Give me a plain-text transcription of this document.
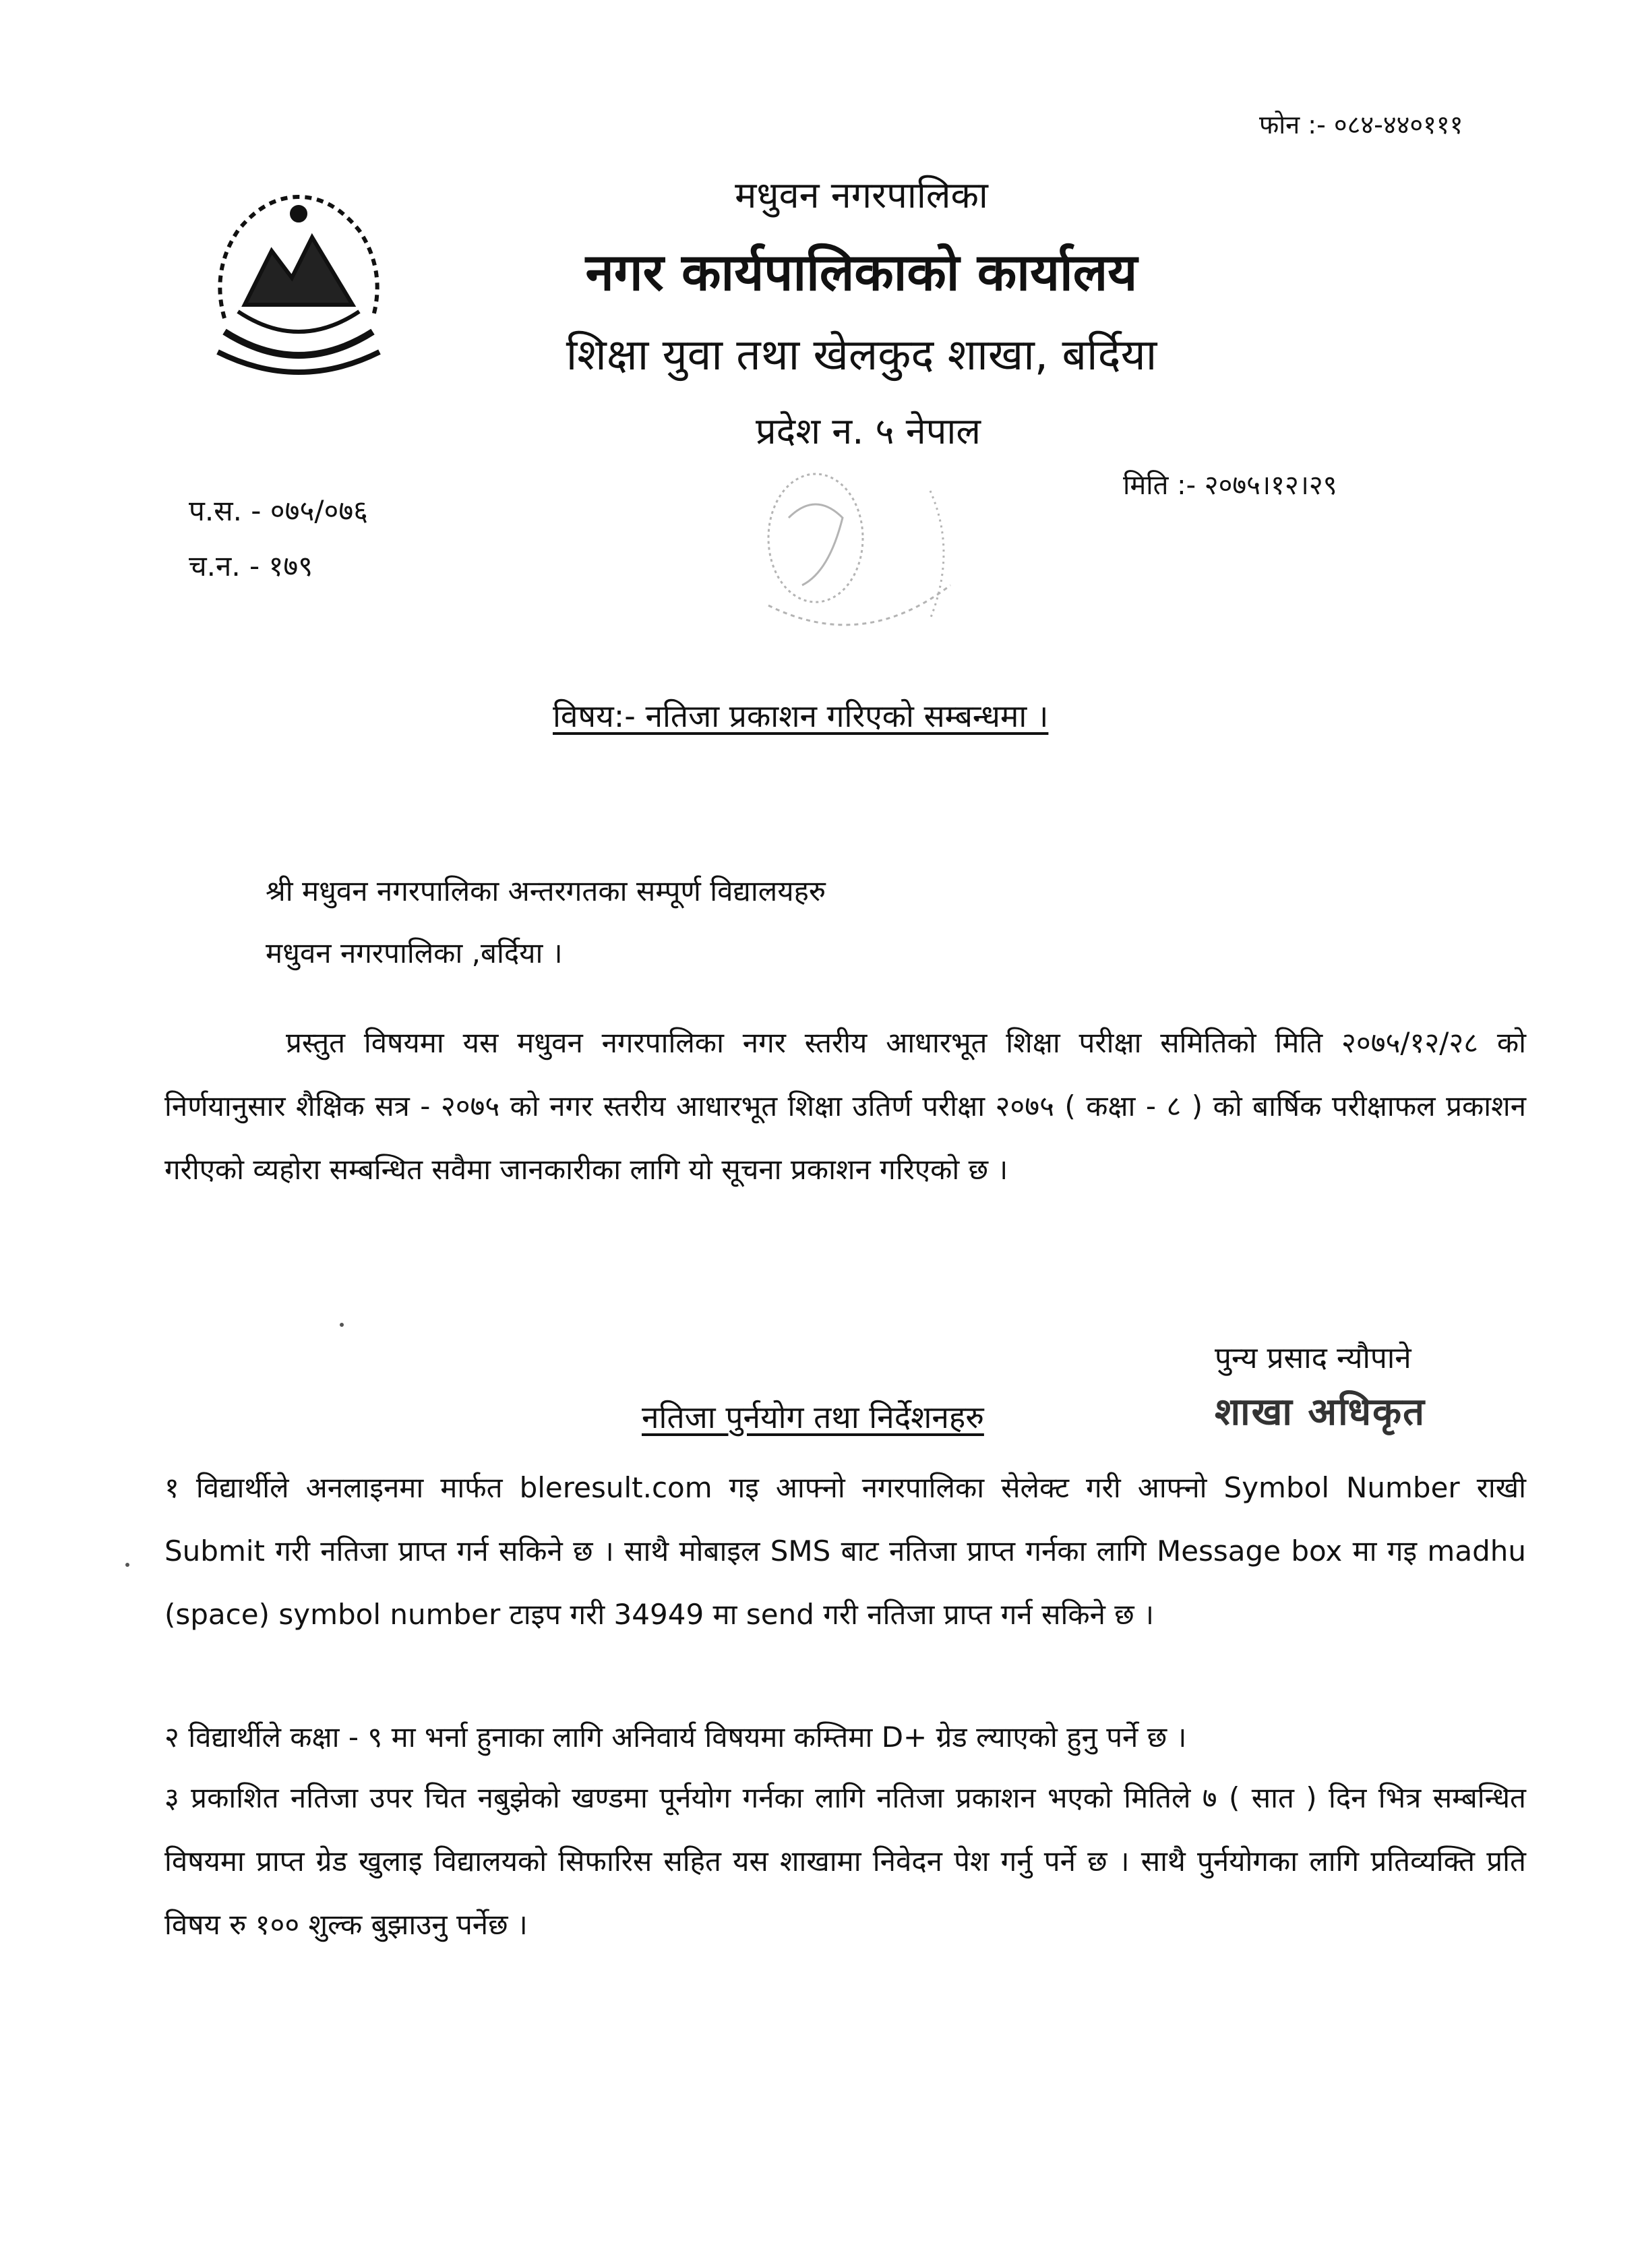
फोन :- ०८४-४४०१११
मधुवन नगरपालिका
नगर कार्यपालिकाको कार्यालय
शिक्षा युवा तथा खेलकुद शाखा, बर्दिया
प्रदेश न. ५ नेपाल
मिति :- २०७५।१२।२९
प.स. - ०७५/०७६
च.न. - १७९
विषय:- नतिजा प्रकाशन गरिएको सम्बन्धमा ।
श्री मधुवन नगरपालिका अन्तरगतका सम्पूर्ण विद्यालयहरु
मधुवन नगरपालिका ,बर्दिया ।
प्रस्तुत विषयमा यस मधुवन नगरपालिका नगर स्तरीय आधारभूत शिक्षा परीक्षा समितिको मिति २०७५/१२/२८ को निर्णयानुसार शैक्षिक सत्र - २०७५ को नगर स्तरीय आधारभूत शिक्षा उतिर्ण परीक्षा २०७५ ( कक्षा - ८ ) को बार्षिक परीक्षाफल प्रकाशन गरीएको व्यहोरा सम्बन्धित सवैमा जानकारीका लागि यो सूचना प्रकाशन गरिएको छ ।
पुन्य प्रसाद न्यौपाने
शाखा अधिकृत
नतिजा पुर्नयोग तथा निर्देशनहरु
१ विद्यार्थीले अनलाइनमा मार्फत bleresult.com गइ आफ्नो नगरपालिका सेलेक्ट गरी आफ्नो Symbol Number राखी Submit गरी नतिजा प्राप्त गर्न सकिने छ । साथै मोबाइल SMS बाट नतिजा प्राप्त गर्नका लागि Message box मा गइ madhu (space) symbol number टाइप गरी 34949 मा send गरी नतिजा प्राप्त गर्न सकिने छ ।
२ विद्यार्थीले कक्षा - ९ मा भर्ना हुनाका लागि अनिवार्य विषयमा कम्तिमा D+ ग्रेड ल्याएको हुनु पर्ने छ ।
३ प्रकाशित नतिजा उपर चित नबुझेको खण्डमा पूर्नयोग गर्नका लागि नतिजा प्रकाशन भएको मितिले ७ ( सात ) दिन भित्र सम्बन्धित विषयमा प्राप्त ग्रेड खुलाइ विद्यालयको सिफारिस सहित यस शाखामा निवेदन पेश गर्नु पर्ने छ । साथै पुर्नयोगका लागि प्रतिव्यक्ति प्रति विषय रु १०० शुल्क बुझाउनु पर्नेछ ।
